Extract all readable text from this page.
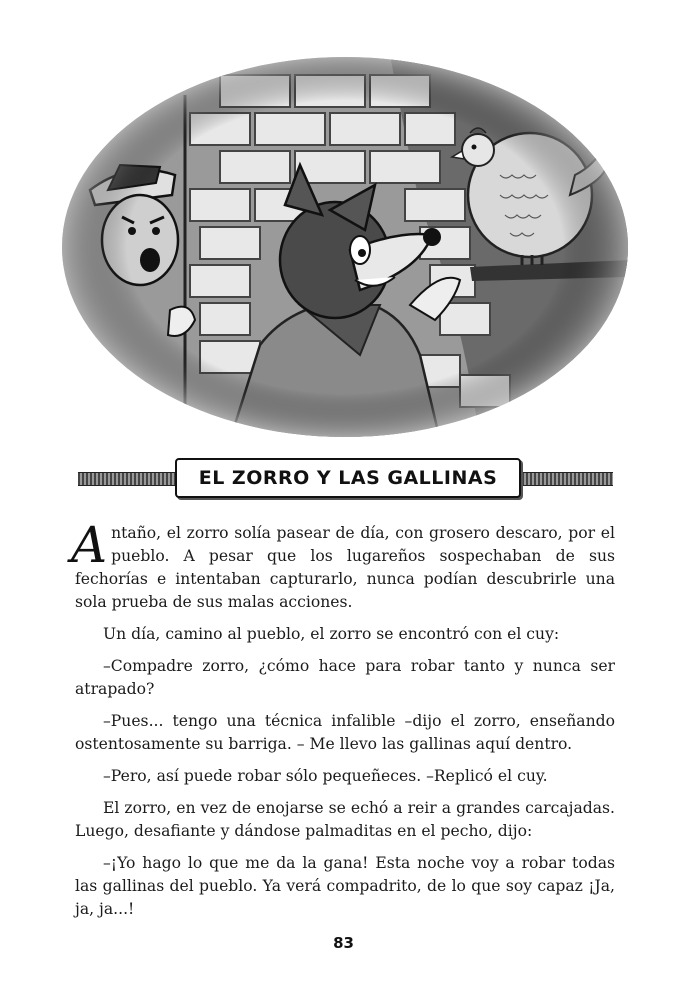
EL ZORRO Y LAS GALLINAS

Antaño, el zorro solía pasear de día, con grosero descaro, por el pueblo. A pesar que los lugareños sospechaban de sus fechorías e intentaban capturarlo, nunca podían descubrirle una sola prueba de sus malas acciones.

Un día, camino al pueblo, el zorro se encontró con el cuy:

–Compadre zorro, ¿cómo hace para robar tanto y nunca ser atrapado?

–Pues... tengo una técnica infalible –dijo el zorro, enseñando ostentosamente su barriga. – Me llevo las gallinas aquí dentro.

–Pero, así puede robar sólo pequeñeces. –Replicó el cuy.

El zorro, en vez de enojarse se echó a reir a grandes carcajadas. Luego, desafiante y dándose palmaditas en el pecho, dijo:

–¡Yo hago lo que me da la gana! Esta noche voy a robar todas las gallinas del pueblo. Ya verá compadrito, de lo que soy capaz ¡Ja, ja, ja...!

83
